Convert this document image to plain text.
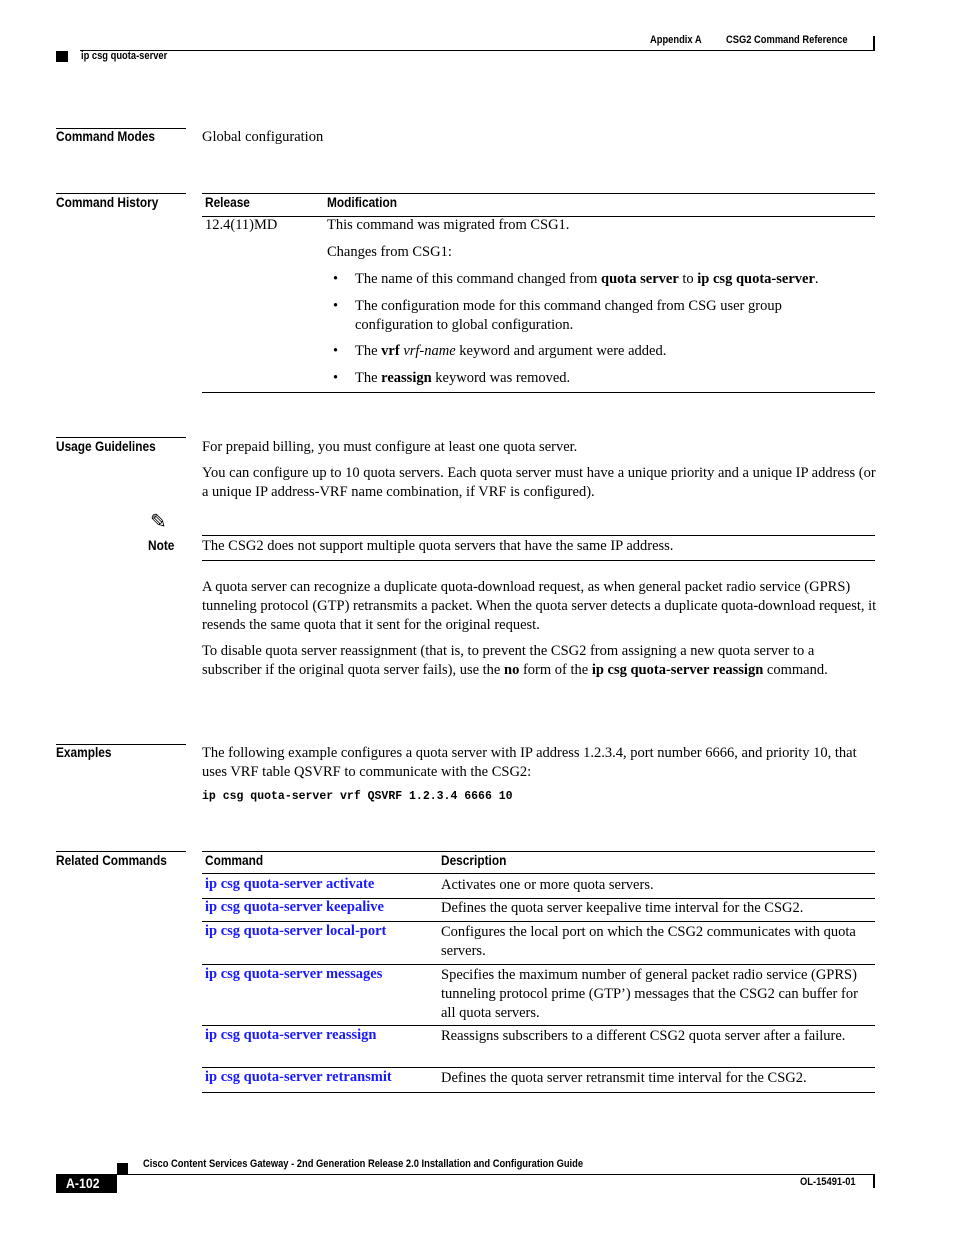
Appendix A CSG2 Command Reference
ip csg quota-server
Command Modes	Global configuration
Command History	Release	Modification
12.4(11)MD	This command was migrated from CSG1.
Changes from CSG1:
• The name of this command changed from quota server to ip csg quota-server.
• The configuration mode for this command changed from CSG user group configuration to global configuration.
• The vrf vrf-name keyword and argument were added.
• The reassign keyword was removed.
Usage Guidelines	For prepaid billing, you must configure at least one quota server.
You can configure up to 10 quota servers. Each quota server must have a unique priority and a unique IP address (or a unique IP address-VRF name combination, if VRF is configured).
✎
Note The CSG2 does not support multiple quota servers that have the same IP address.
A quota server can recognize a duplicate quota-download request, as when general packet radio service (GPRS) tunneling protocol (GTP) retransmits a packet. When the quota server detects a duplicate quota-download request, it resends the same quota that it sent for the original request.
To disable quota server reassignment (that is, to prevent the CSG2 from assigning a new quota server to a subscriber if the original quota server fails), use the no form of the ip csg quota-server reassign command.
Examples	The following example configures a quota server with IP address 1.2.3.4, port number 6666, and priority 10, that uses VRF table QSVRF to communicate with the CSG2:
ip csg quota-server vrf QSVRF 1.2.3.4 6666 10
Related Commands	Command	Description
ip csg quota-server activate	Activates one or more quota servers.
ip csg quota-server keepalive	Defines the quota server keepalive time interval for the CSG2.
ip csg quota-server local-port	Configures the local port on which the CSG2 communicates with quota servers.
ip csg quota-server messages	Specifies the maximum number of general packet radio service (GPRS) tunneling protocol prime (GTP’) messages that the CSG2 can buffer for all quota servers.
ip csg quota-server reassign	Reassigns subscribers to a different CSG2 quota server after a failure.
ip csg quota-server retransmit	Defines the quota server retransmit time interval for the CSG2.
Cisco Content Services Gateway - 2nd Generation Release 2.0 Installation and Configuration Guide
A-102	OL-15491-01
